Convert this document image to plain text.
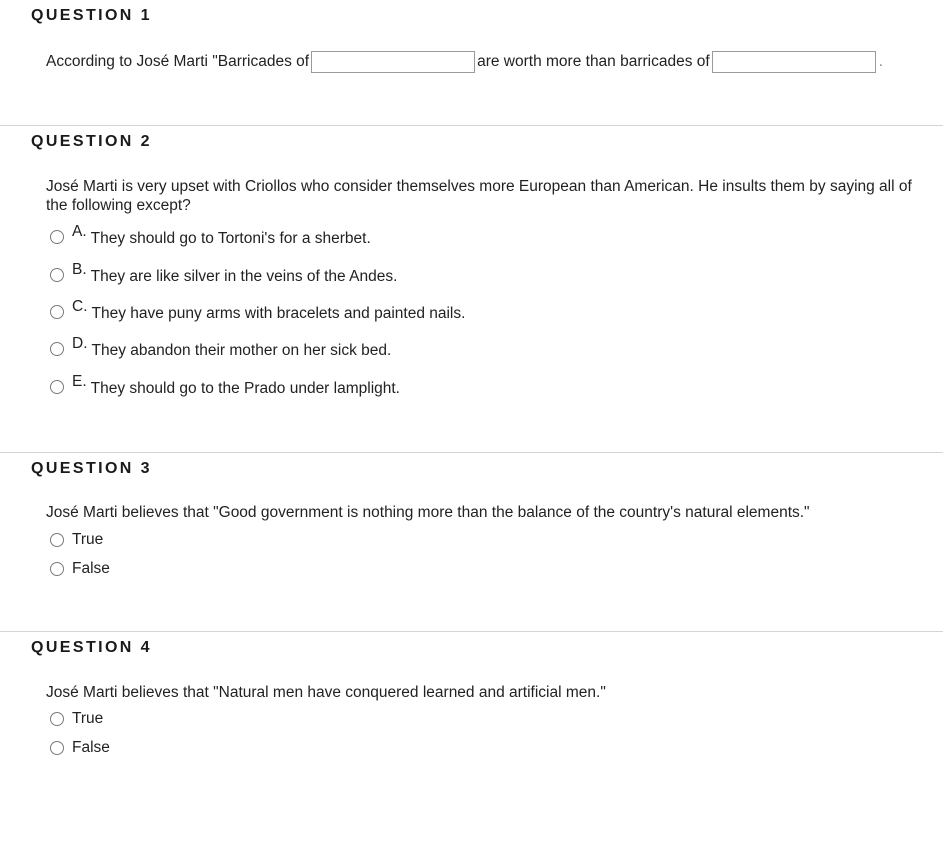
QUESTION 1
According to José Marti "Barricades of	are worth more than barricades of	.
QUESTION 2
José Marti is very upset with Criollos who consider themselves more European than American. He insults them by saying all of the following except?
A. They should go to Tortoni's for a sherbet.
B. They are like silver in the veins of the Andes.
C. They have puny arms with bracelets and painted nails.
D. They abandon their mother on her sick bed.
E. They should go to the Prado under lamplight.
QUESTION 3
José Marti believes that "Good government is nothing more than the balance of the country's natural elements."
True
False
QUESTION 4
José Marti believes that "Natural men have conquered learned and artificial men."
True
False
